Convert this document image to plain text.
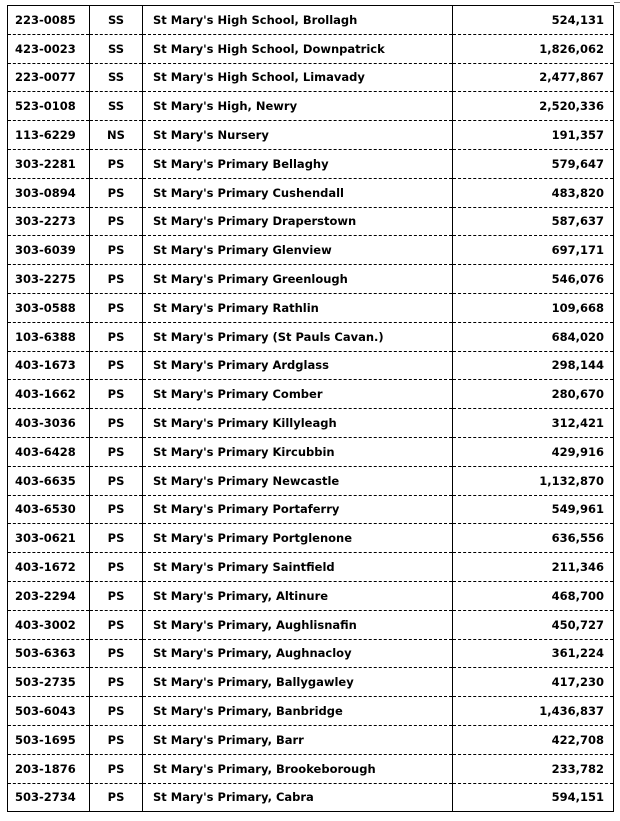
223-0085	SS	St Mary's High School, Brollagh	524,131
423-0023	SS	St Mary's High School, Downpatrick	1,826,062
223-0077	SS	St Mary's High School, Limavady	2,477,867
523-0108	SS	St Mary's High, Newry	2,520,336
113-6229	NS	St Mary's Nursery	191,357
303-2281	PS	St Mary's Primary Bellaghy	579,647
303-0894	PS	St Mary's Primary Cushendall	483,820
303-2273	PS	St Mary's Primary Draperstown	587,637
303-6039	PS	St Mary's Primary Glenview	697,171
303-2275	PS	St Mary's Primary Greenlough	546,076
303-0588	PS	St Mary's Primary Rathlin	109,668
103-6388	PS	St Mary's Primary (St Pauls Cavan.)	684,020
403-1673	PS	St Mary's Primary Ardglass	298,144
403-1662	PS	St Mary's Primary Comber	280,670
403-3036	PS	St Mary's Primary Killyleagh	312,421
403-6428	PS	St Mary's Primary Kircubbin	429,916
403-6635	PS	St Mary's Primary Newcastle	1,132,870
403-6530	PS	St Mary's Primary Portaferry	549,961
303-0621	PS	St Mary's Primary Portglenone	636,556
403-1672	PS	St Mary's Primary Saintfield	211,346
203-2294	PS	St Mary's Primary, Altinure	468,700
403-3002	PS	St Mary's Primary, Aughlisnafin	450,727
503-6363	PS	St Mary's Primary, Aughnacloy	361,224
503-2735	PS	St Mary's Primary, Ballygawley	417,230
503-6043	PS	St Mary's Primary, Banbridge	1,436,837
503-1695	PS	St Mary's Primary, Barr	422,708
203-1876	PS	St Mary's Primary, Brookeborough	233,782
503-2734	PS	St Mary's Primary, Cabra	594,151
